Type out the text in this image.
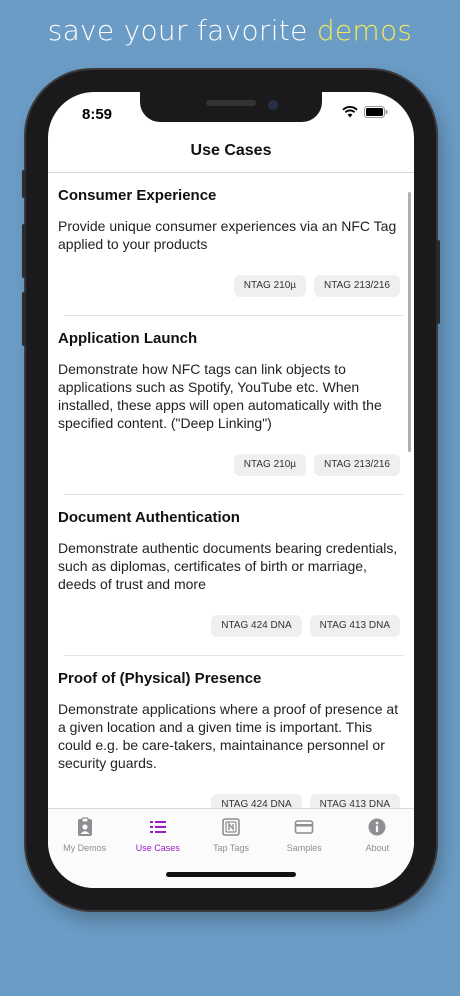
save your favorite demos
8:59
Use Cases
Consumer Experience
Provide unique consumer experiences via an NFC Tag applied to your products
NTAG 210µ	NTAG 213/216
Application Launch
Demonstrate how NFC tags can link objects to applications such as Spotify, YouTube etc. When installed, these apps will open automatically with the specified content. ("Deep Linking")
NTAG 210µ	NTAG 213/216
Document Authentication
Demonstrate authentic documents bearing credentials, such as diplomas, certificates of birth or marriage, deeds of trust and more
NTAG 424 DNA	NTAG 413 DNA
Proof of (Physical) Presence
Demonstrate applications where a proof of presence at a given location and a given time is important. This could e.g. be care-takers, maintainance personnel or security guards.
NTAG 424 DNA	NTAG 413 DNA
My Demos	Use Cases	Tap Tags	Samples	About
